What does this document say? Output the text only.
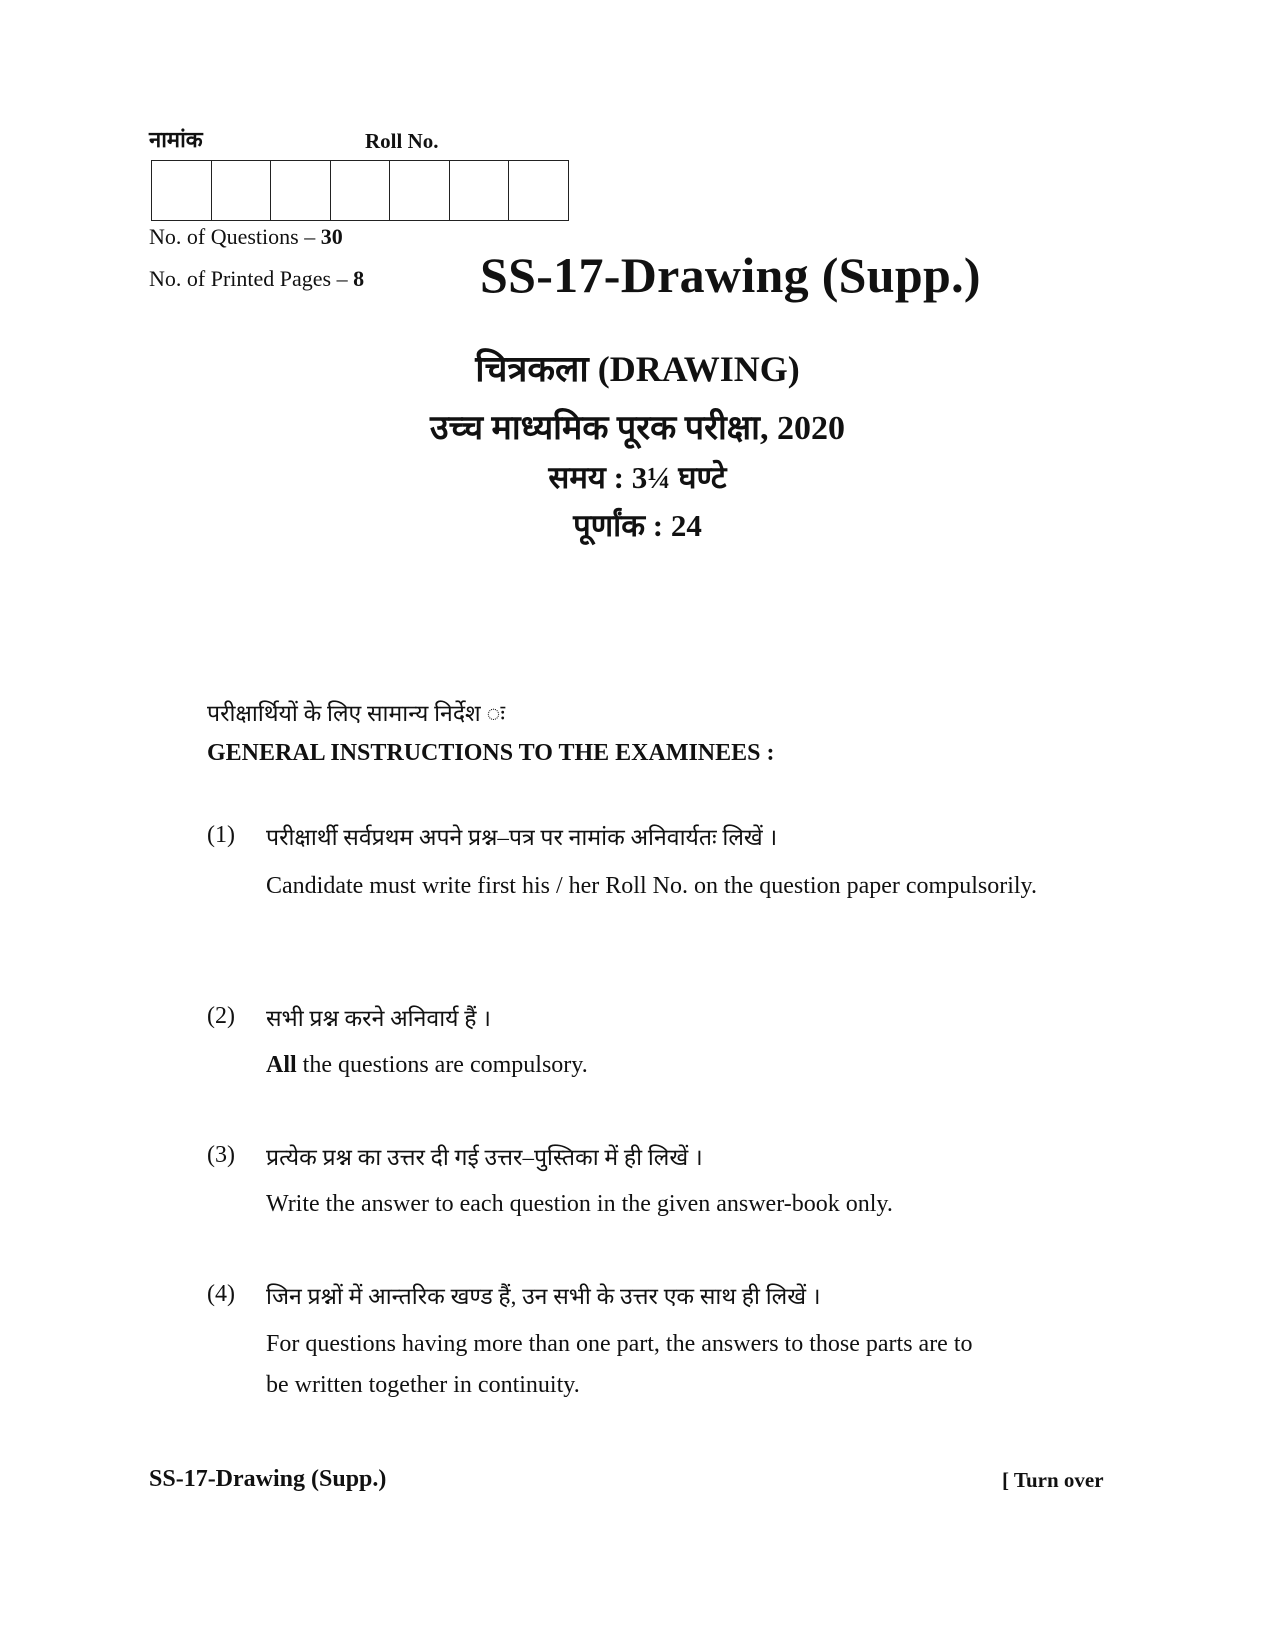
नामांक	Roll No.
No. of Questions – 30
No. of Printed Pages – 8 SS-17-Drawing (Supp.)
चित्रकला (DRAWING)
उच्च माध्यमिक पूरक परीक्षा, 2020
समय : 3¼ घण्टे
पूर्णांक : 24
परीक्षार्थियों के लिए सामान्य निर्देश ः
GENERAL INSTRUCTIONS TO THE EXAMINEES :
(1) परीक्षार्थी सर्वप्रथम अपने प्रश्न–पत्र पर नामांक अनिवार्यतः लिखें ।
Candidate must write first his / her Roll No. on the question paper compulsorily.
(2) सभी प्रश्न करने अनिवार्य हैं ।
All the questions are compulsory.
(3) प्रत्येक प्रश्न का उत्तर दी गई उत्तर–पुस्तिका में ही लिखें ।
Write the answer to each question in the given answer-book only.
(4) जिन प्रश्नों में आन्तरिक खण्ड हैं, उन सभी के उत्तर एक साथ ही लिखें ।
For questions having more than one part, the answers to those parts are to
be written together in continuity.
SS-17-Drawing (Supp.)	[ Turn over
